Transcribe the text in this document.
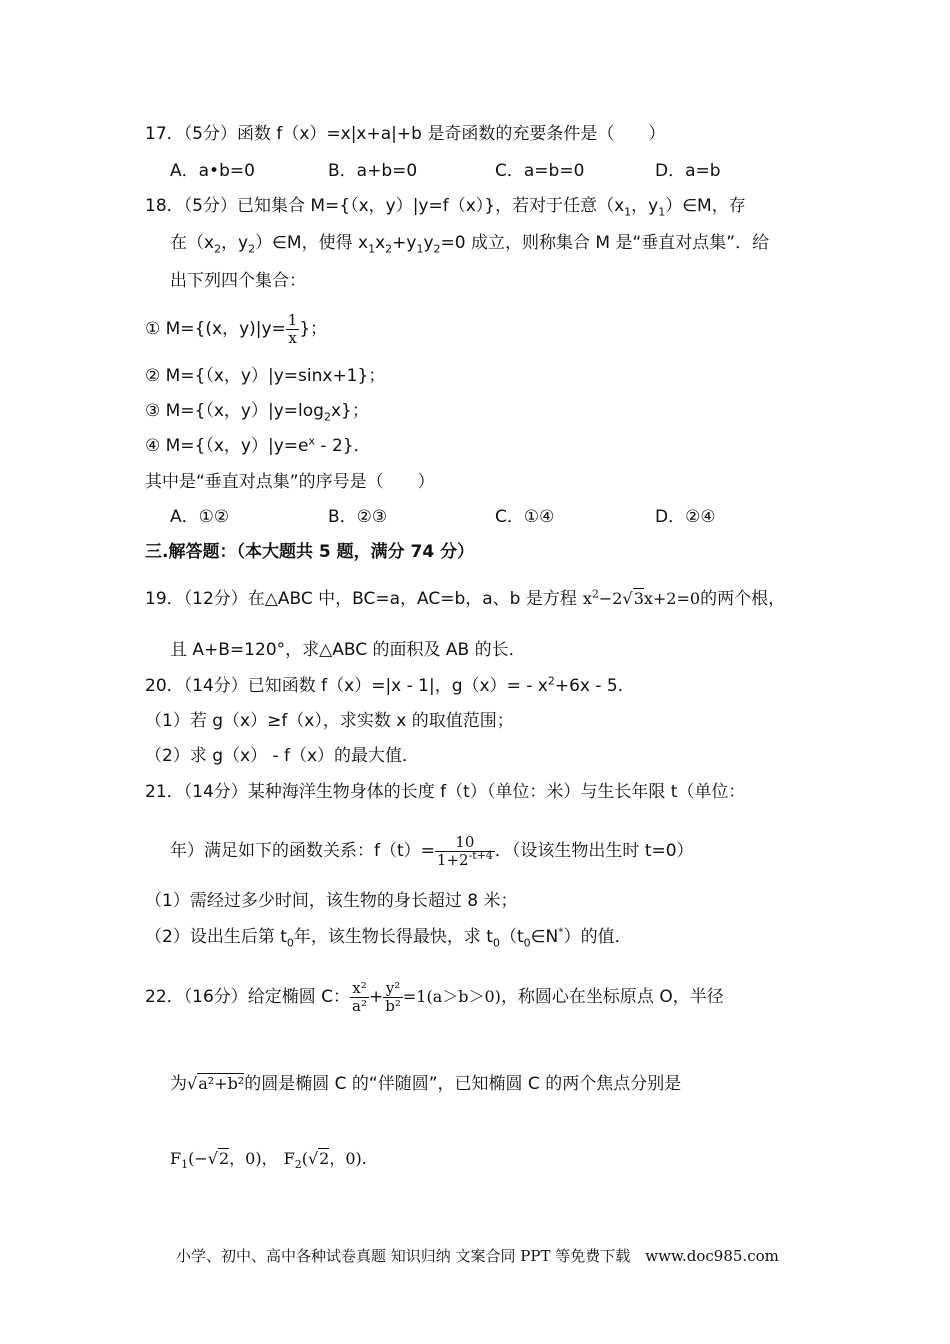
17．（5分）函数 f（x）=x|x+a|+b 是奇函数的充要条件是（　　）
A．a•b=0	B．a+b=0	C．a=b=0	D．a=b
18．（5分）已知集合 M={（x，y）|y=f（x）}，若对于任意（$x_1$，$y_1)\in M$，存
在（$x_2$，$y_2)\in M$，使得 $x_1x_2+y_1y_2=0$ 成立，则称集合 M 是“垂直对点集”．给
出下列四个集合：
① M={(x，$y)|y= \frac{1}{x}$ }；
② M={（x，y）|y=sinx+1}；
③ M={（x，$y)|y=\log_2x$}；
④ M={（x，$y)|y=e^x - 2$}．
其中是“垂直对点集”的序号是（　　）
A．①②	B．②③	C．①④	D．②④
三.解答题：（本大题共 5 题，满分 74 分）
19．（12分）在△ABC 中，BC=a，AC=b，a、b 是方程 $x^2-2√3x+2=0$的两个根，
且 A+B=120°，求△ABC 的面积及 AB 的长．
20．（14分）已知函数 f（x）=|x - 1|，$g(x)= - x^2+6x - 5$．
（1）若 g（x）≥f（x），求实数 x 的取值范围；
（2）求 g（x） - f（x）的最大值．
21．（14分）某种海洋生物身体的长度 f（t）（单位：米）与生长年限 t（单位：
年）满足如下的函数关系：$f(t)= \frac{10}{1+2^{-t+4}}$ ．（设该生物出生时 t=0）
（1）需经过多少时间，该生物的身长超过 8 米；
（2）设出生后第 $t_0$年，该生物长得最快，求 $t_0(t_0\in N^*)$的值．
22．（16分）给定椭圆 C： $\frac{\text{x²}}{\text{a²}} + \frac{\text{y²}}{\text{b²}} =1(a>b>0)$，称圆心在坐标原点 O，半径
为√a²+b²的圆是椭圆 C 的“伴随圆”，已知椭圆 C 的两个焦点分别是
$F_1(-√2$，0)， $F_2(√2$，0).
小学、初中、高中各种试卷真题 知识归纳 文案合同 PPT 等免费下载　www.doc985.com
